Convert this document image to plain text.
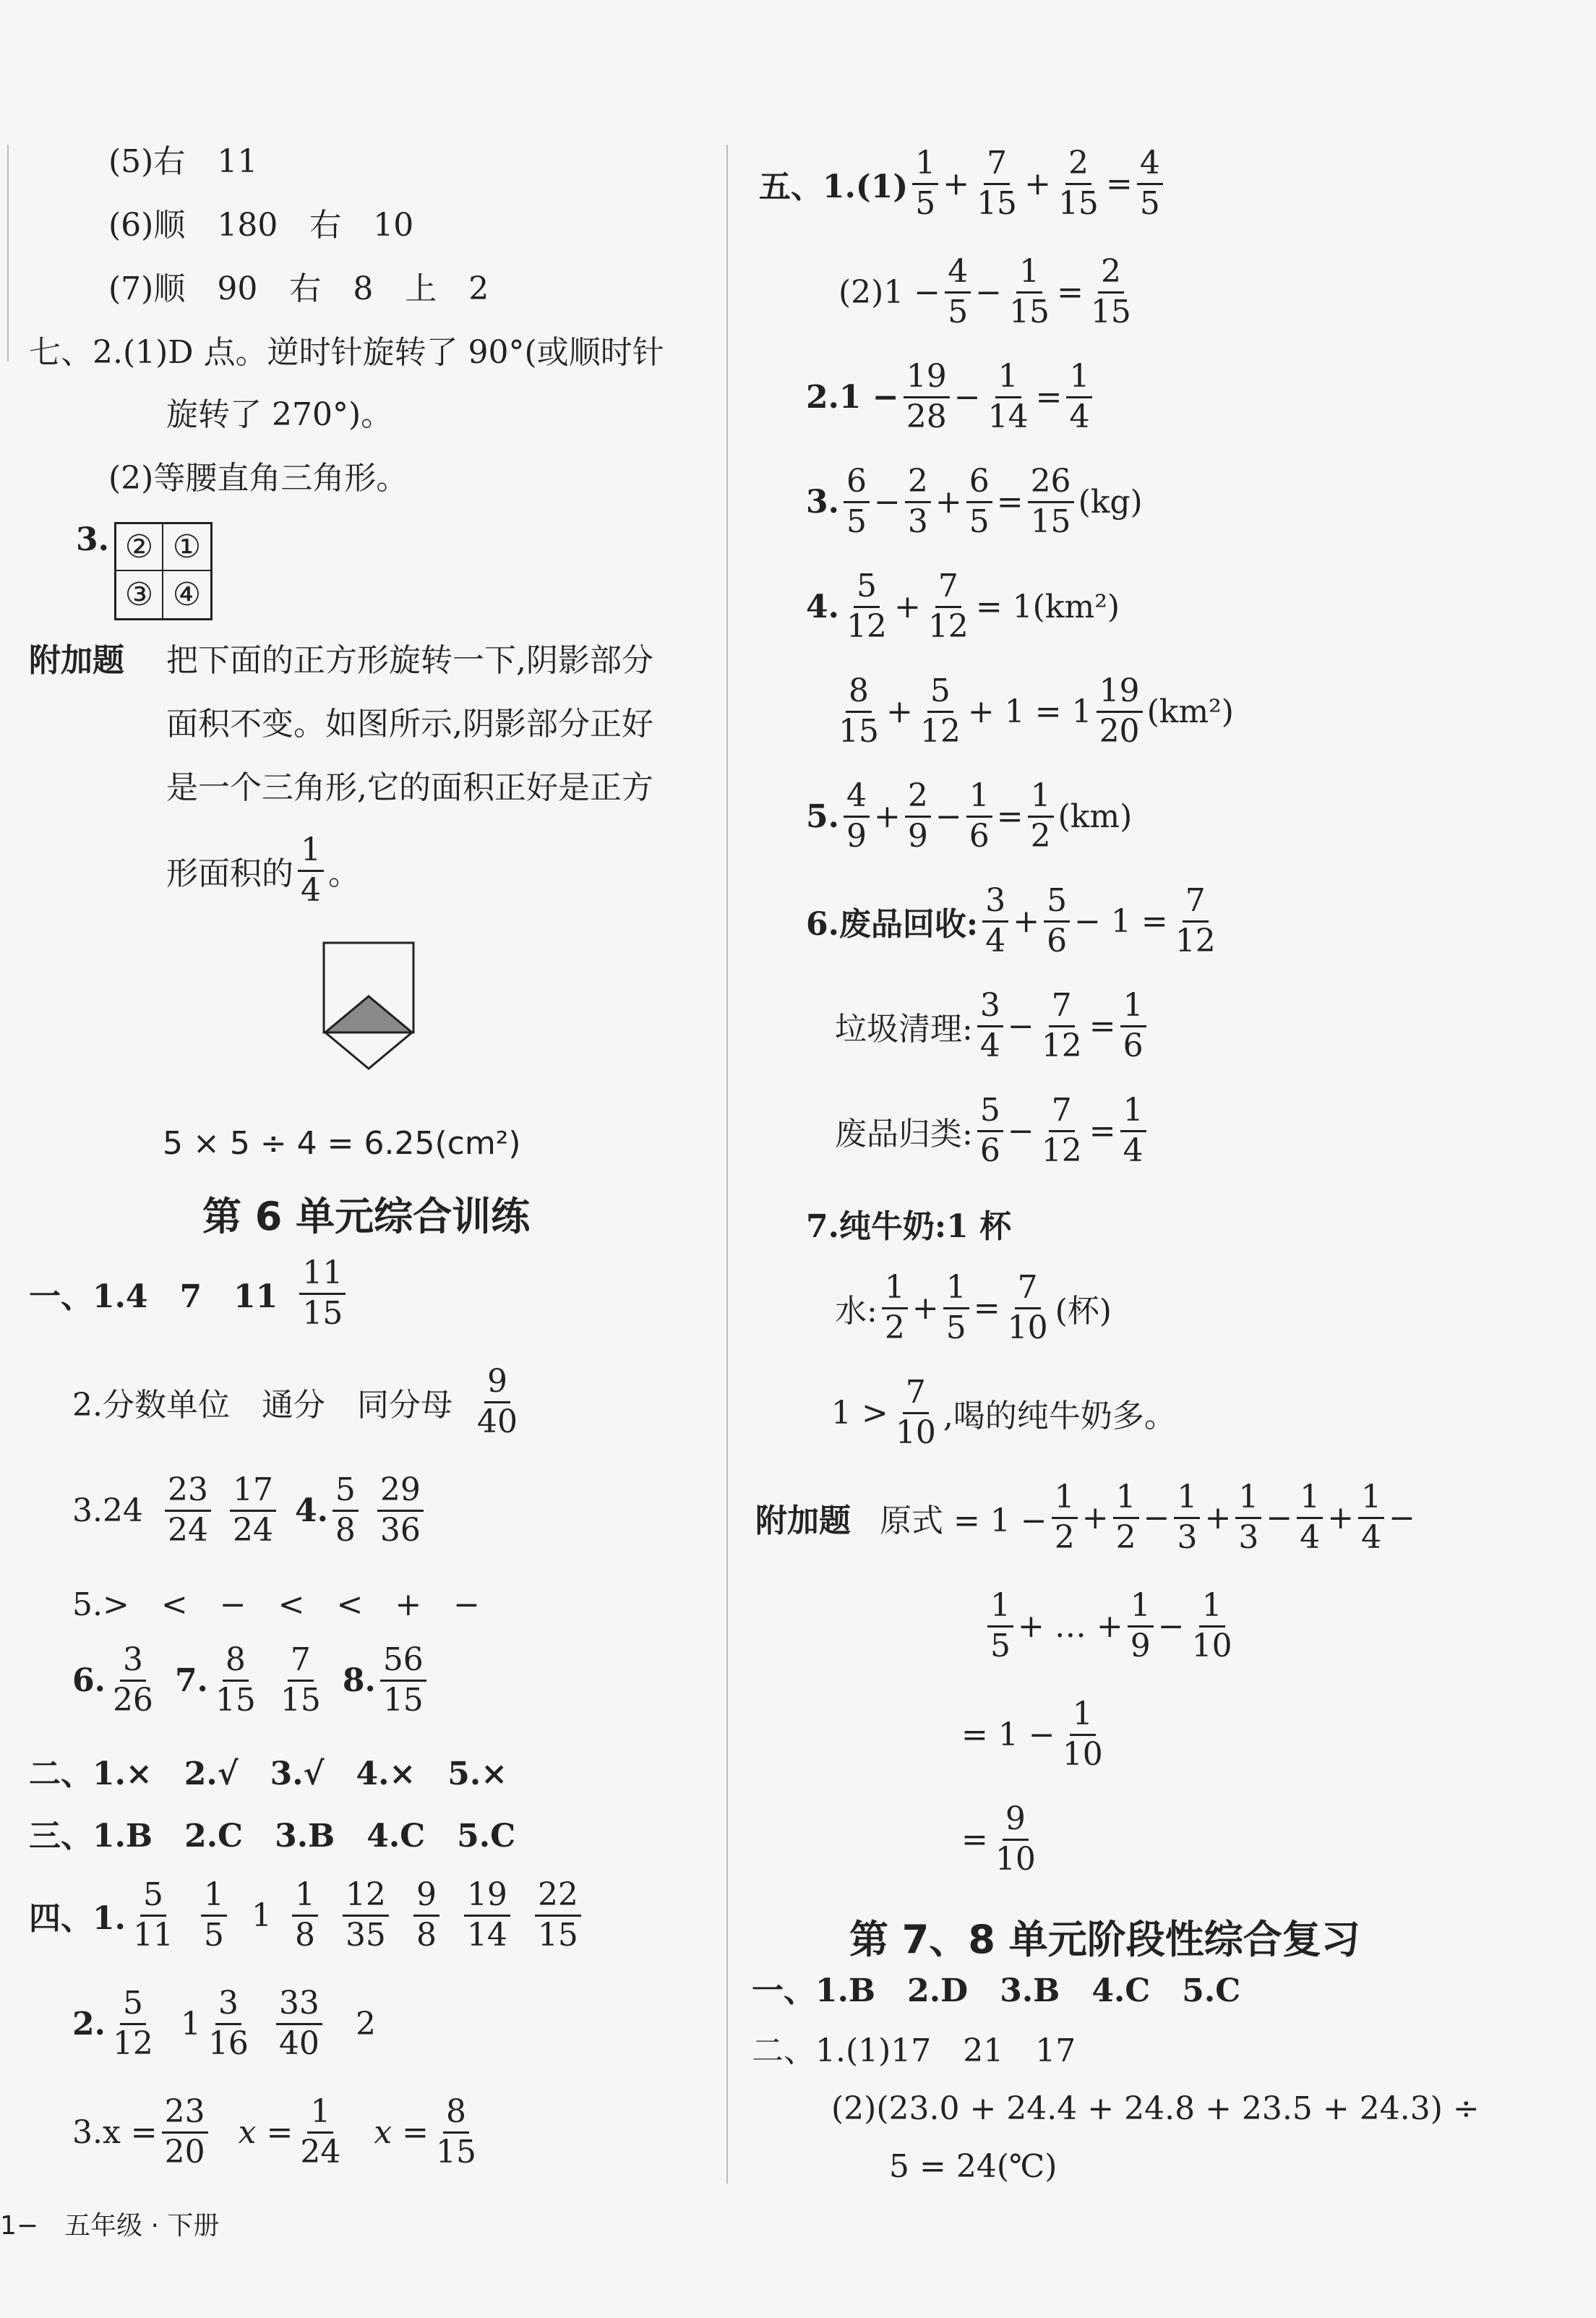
(5)右　11
(6)顺　180　右　10
(7)顺　90　右　8　上　2
七、2.(1)D 点。逆时针旋转了 90°(或顺时针
旋转了 270°)。
(2)等腰直角三角形。
3. ② ①
③ ④
附加题 把下面的正方形旋转一下,阴影部分
面积不变。如图所示,阴影部分正好
是一个三角形,它的面积正好是正方
形面积的 $\frac{1}{4}$ 。
5 × 5 ÷ 4 = 6.25(cm²)
第 6 单元综合训练
一、1.4　7　$11 \frac{11}{15}$
2.分数单位　通分　同分母 $\frac{9}{40}$
$3.24 \frac{23}{24} \frac{17}{24} 4$. $\frac{5}{8} \frac{29}{36}$
5.>　<　−　<　<　+　−
6. $\frac{3}{26} 7$. $\frac{8}{15} \frac{7}{15} 8$. $\frac{56}{15}$
二、1.×　2.√　3.√　4.×　5.×
三、1.B　2.C　3.B　4.C　5.C
四、1. $\frac{5}{11} \frac{1}{5} 1 \frac{1}{8} \frac{12}{35} \frac{9}{8} \frac{19}{14} \frac{22}{15}$
2. $\frac{5}{12} 1 \frac{3}{16} \frac{33}{40} 2$
$3.x = \frac{23}{20}$ $x = \frac{1}{24}$ $x = \frac{8}{15}$
五、$1.(1) \frac{1}{5} + \frac{7}{15} + \frac{2}{15} = \frac{4}{5}$
$(2)1 - \frac{4}{5} - \frac{1}{15} = \frac{2}{15}$
$2.1 - \frac{19}{28} - \frac{1}{14} = \frac{1}{4}$
3. $\frac{6}{5} - \frac{2}{3} + \frac{6}{5} = \frac{26}{15} (kg)$
4. $\frac{5}{12} + \frac{7}{12} = 1(km^2)$
$\frac{8}{15} + \frac{5}{12} + 1 = 1 \frac{19}{20} (km^2)$
5. $\frac{4}{9} + \frac{2}{9} - \frac{1}{6} = \frac{1}{2} (km)$
6.废品回收: $\frac{3}{4} + \frac{5}{6} - 1 = \frac{7}{12}$
垃圾清理: $\frac{3}{4} - \frac{7}{12} = \frac{1}{6}$
废品归类: $\frac{5}{6} - \frac{7}{12} = \frac{1}{4}$
7.纯牛奶:1 杯
水: $\frac{1}{2} + \frac{1}{5} = \frac{7}{10}$ (杯)
$1 > \frac{7}{10}$ ,喝的纯牛奶多。
附加题 原式 = $1 - \frac{1}{2} + \frac{1}{2} - \frac{1}{3} + \frac{1}{3} - \frac{1}{4} + \frac{1}{4}$ −
$\frac{1}{5}$ + … + $\frac{1}{9} - \frac{1}{10}$
= $1 - \frac{1}{10}$
= $\frac{9}{10}$
第 7、8 单元阶段性综合复习
一、1.B　2.D　3.B　4.C　5.C
二、1.(1)17　21　17
(2)(23.0 + 24.4 + 24.8 + 23.5 + 24.3) ÷
5 = 24(℃)
1−　五年级 · 下册
